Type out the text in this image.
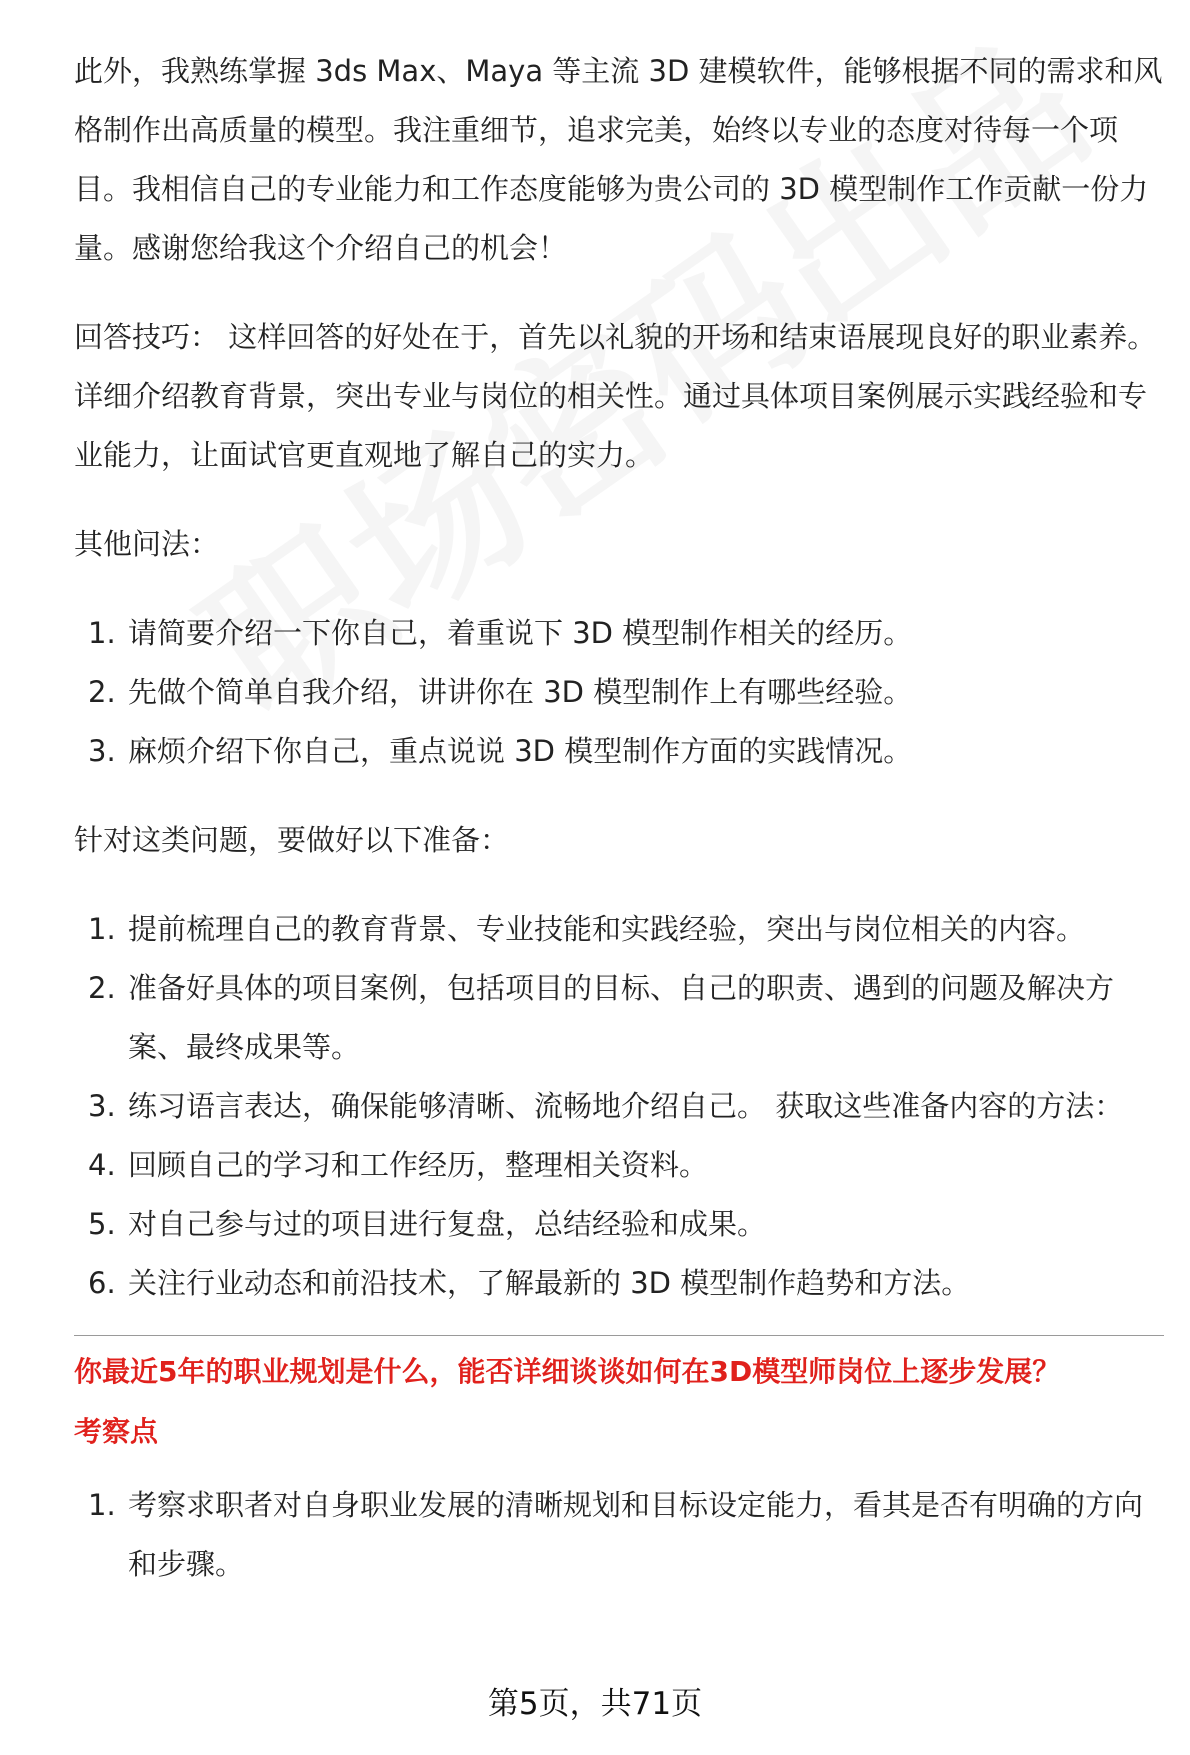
此外，我熟练掌握 3ds Max、Maya 等主流 3D 建模软件，能够根据不同的需求和风格制作出高质量的模型。我注重细节，追求完美，始终以专业的态度对待每一个项目。我相信自己的专业能力和工作态度能够为贵公司的 3D 模型制作工作贡献一份力量。感谢您给我这个介绍自己的机会！

回答技巧： 这样回答的好处在于，首先以礼貌的开场和结束语展现良好的职业素养。详细介绍教育背景，突出专业与岗位的相关性。通过具体项目案例展示实践经验和专业能力，让面试官更直观地了解自己的实力。

其他问法：

1. 请简要介绍一下你自己，着重说下 3D 模型制作相关的经历。
2. 先做个简单自我介绍，讲讲你在 3D 模型制作上有哪些经验。
3. 麻烦介绍下你自己，重点说说 3D 模型制作方面的实践情况。

针对这类问题，要做好以下准备：

1. 提前梳理自己的教育背景、专业技能和实践经验，突出与岗位相关的内容。
2. 准备好具体的项目案例，包括项目的目标、自己的职责、遇到的问题及解决方案、最终成果等。
3. 练习语言表达，确保能够清晰、流畅地介绍自己。 获取这些准备内容的方法：
4. 回顾自己的学习和工作经历，整理相关资料。
5. 对自己参与过的项目进行复盘，总结经验和成果。
6. 关注行业动态和前沿技术，了解最新的 3D 模型制作趋势和方法。
你最近5年的职业规划是什么，能否详细谈谈如何在3D模型师岗位上逐步发展？
考察点
1. 考察求职者对自身职业发展的清晰规划和目标设定能力，看其是否有明确的方向和步骤。
第5页，共71页
